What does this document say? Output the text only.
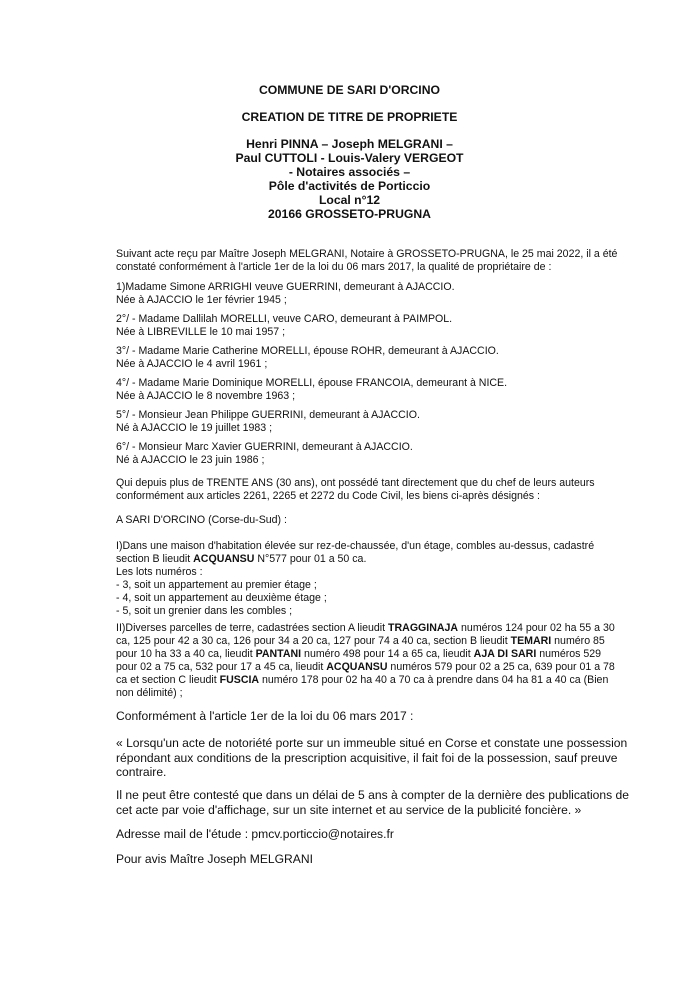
COMMUNE DE SARI D'ORCINO
CREATION DE TITRE DE PROPRIETE
Henri PINNA – Joseph MELGRANI –
Paul CUTTOLI - Louis-Valery VERGEOT
- Notaires associés –
Pôle d'activités de Porticcio
Local n°12
20166 GROSSETO-PRUGNA
Suivant acte reçu par Maître Joseph MELGRANI, Notaire à GROSSETO-PRUGNA, le 25 mai 2022, il a été
constaté conformément à l'article 1er de la loi du 06 mars 2017, la qualité de propriétaire de :
1)Madame Simone ARRIGHI veuve GUERRINI, demeurant à AJACCIO.
Née à AJACCIO le 1er février 1945 ;
2°/ - Madame Dallilah MORELLI, veuve CARO, demeurant à PAIMPOL.
Née à LIBREVILLE le 10 mai 1957 ;
3°/ - Madame Marie Catherine MORELLI, épouse ROHR, demeurant à AJACCIO.
Née à AJACCIO le 4 avril 1961 ;
4°/ - Madame Marie Dominique MORELLI, épouse FRANCOIA, demeurant à NICE.
Née à AJACCIO le 8 novembre 1963 ;
5°/ - Monsieur Jean Philippe GUERRINI, demeurant à AJACCIO.
Né à AJACCIO le 19 juillet 1983 ;
6°/ - Monsieur Marc Xavier GUERRINI, demeurant à AJACCIO.
Né à AJACCIO le 23 juin 1986 ;
Qui depuis plus de TRENTE ANS (30 ans), ont possédé tant directement que du chef de leurs auteurs
conformément aux articles 2261, 2265 et 2272 du Code Civil, les biens ci-après désignés :
A SARI D'ORCINO (Corse-du-Sud) :
I)Dans une maison d'habitation élevée sur rez-de-chaussée, d'un étage, combles au-dessus, cadastré
section B lieudit ACQUANSU N°577 pour 01 a 50 ca.
Les lots numéros :
- 3, soit un appartement au premier étage ;
- 4, soit un appartement au deuxième étage ;
- 5, soit un grenier dans les combles ;
II)Diverses parcelles de terre, cadastrées section A lieudit TRAGGINAJA numéros 124 pour 02 ha 55 a 30
ca, 125 pour 42 a 30 ca, 126 pour 34 a 20 ca, 127 pour 74 a 40 ca, section B lieudit TEMARI numéro 85
pour 10 ha 33 a 40 ca, lieudit PANTANI numéro 498 pour 14 a 65 ca, lieudit AJA DI SARI numéros 529
pour 02 a 75 ca, 532 pour 17 a 45 ca, lieudit ACQUANSU numéros 579 pour 02 a 25 ca, 639 pour 01 a 78
ca et section C lieudit FUSCIA numéro 178 pour 02 ha 40 a 70 ca à prendre dans 04 ha 81 a 40 ca (Bien
non délimité) ;
Conformément à l'article 1er de la loi du 06 mars 2017 :
« Lorsqu'un acte de notoriété porte sur un immeuble situé en Corse et constate une possession
répondant aux conditions de la prescription acquisitive, il fait foi de la possession, sauf preuve
contraire.
Il ne peut être contesté que dans un délai de 5 ans à compter de la dernière des publications de
cet acte par voie d'affichage, sur un site internet et au service de la publicité foncière. »
Adresse mail de l'étude : pmcv.porticcio@notaires.fr
Pour avis Maître Joseph MELGRANI
